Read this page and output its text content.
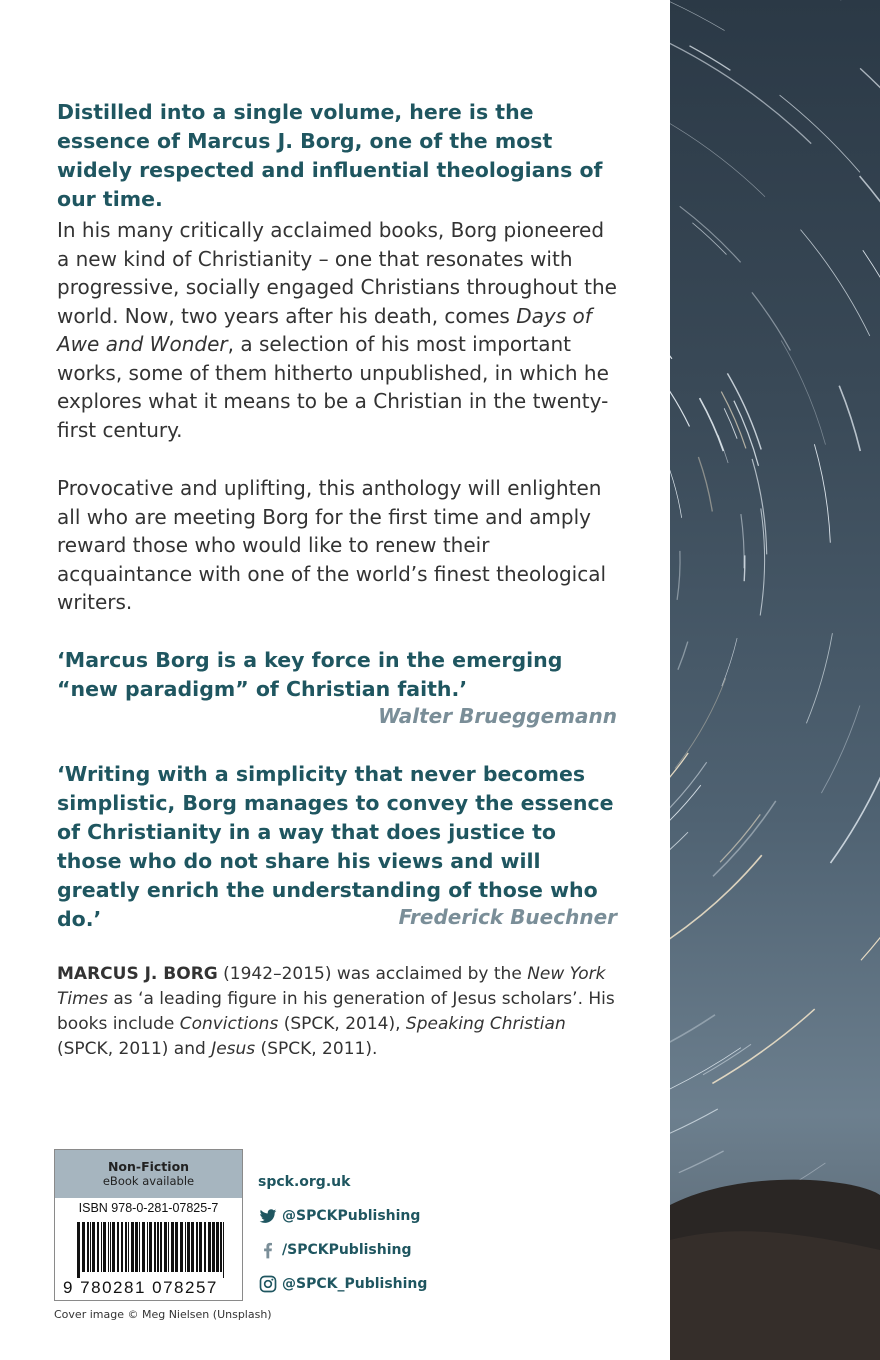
Distilled into a single volume, here is the essence of Marcus J. Borg, one of the most widely respected and influential theologians of our time.
In his many critically acclaimed books, Borg pioneered a new kind of Christianity – one that resonates with progressive, socially engaged Christians throughout the world. Now, two years after his death, comes Days of Awe and Wonder, a selection of his most important works, some of them hitherto unpublished, in which he explores what it means to be a Christian in the twenty-first century.
Provocative and uplifting, this anthology will enlighten all who are meeting Borg for the first time and amply reward those who would like to renew their acquaintance with one of the world’s finest theological writers.
‘Marcus Borg is a key force in the emerging “new paradigm” of Christian faith.’
Walter Brueggemann
‘Writing with a simplicity that never becomes simplistic, Borg manages to convey the essence of Christianity in a way that does justice to those who do not share his views and will greatly enrich the understanding of those who do.’	Frederick Buechner
MARCUS J. BORG (1942–2015) was acclaimed by the New York Times as ‘a leading figure in his generation of Jesus scholars’. His books include Convictions (SPCK, 2014), Speaking Christian (SPCK, 2011) and Jesus (SPCK, 2011).
Non-Fiction
eBook available
ISBN 978-0-281-07825-7
9 780281 078257
spck.org.uk
@SPCKPublishing
/SPCKPublishing
@SPCK_Publishing
Cover image © Meg Nielsen (Unsplash)
